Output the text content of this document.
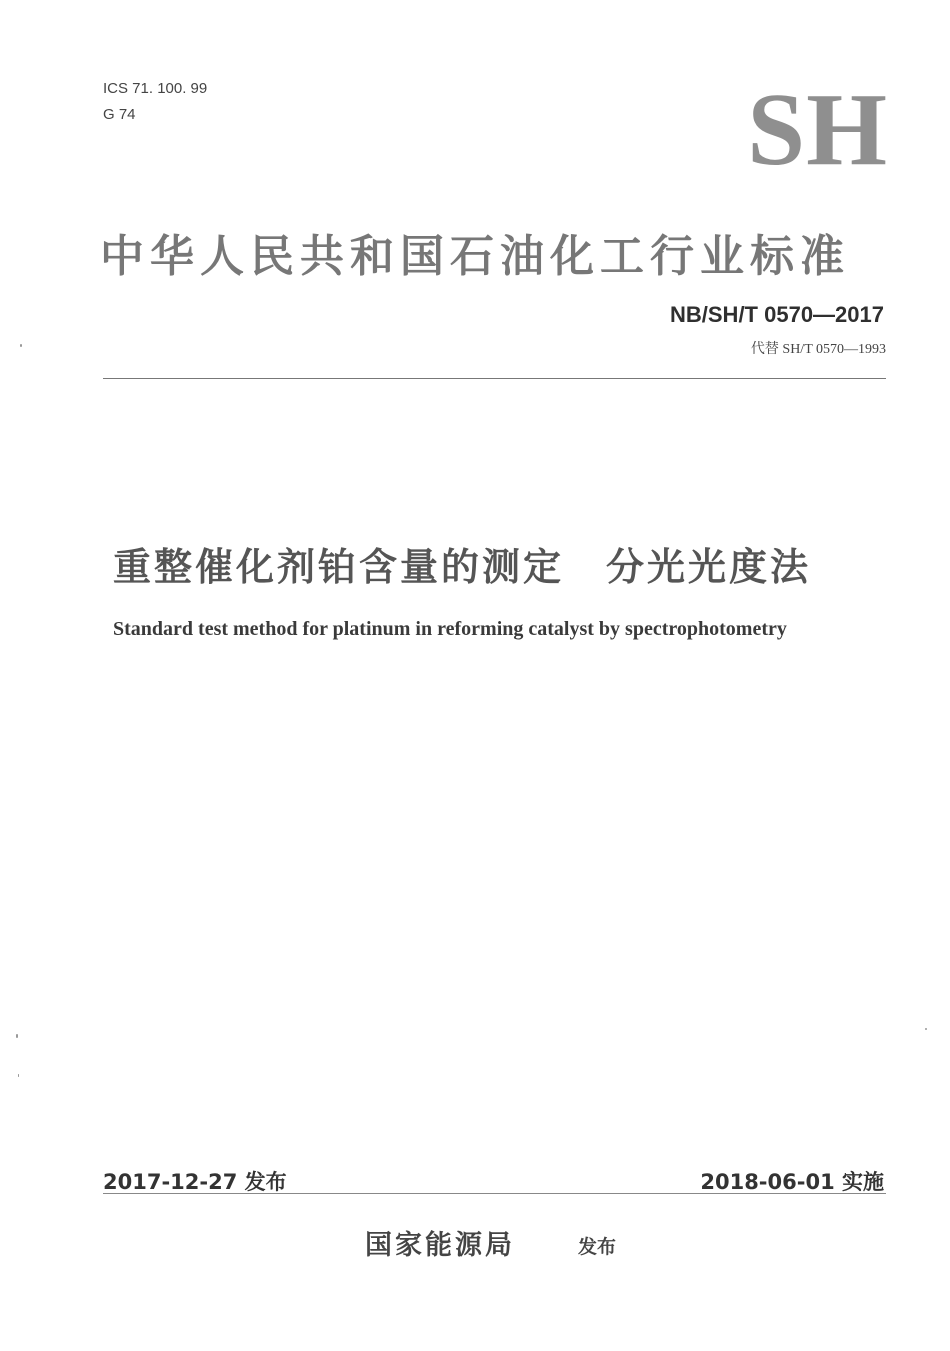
ICS 71. 100. 99
G 74	SH
中华人民共和国石油化工行业标准
NB/SH/T 0570—2017
代替 SH/T 0570—1993
重整催化剂铂含量的测定 分光光度法
Standard test method for platinum in reforming catalyst by spectrophotometry
2017-12-27 发布	2018-06-01 实施
国家能源局	发布
